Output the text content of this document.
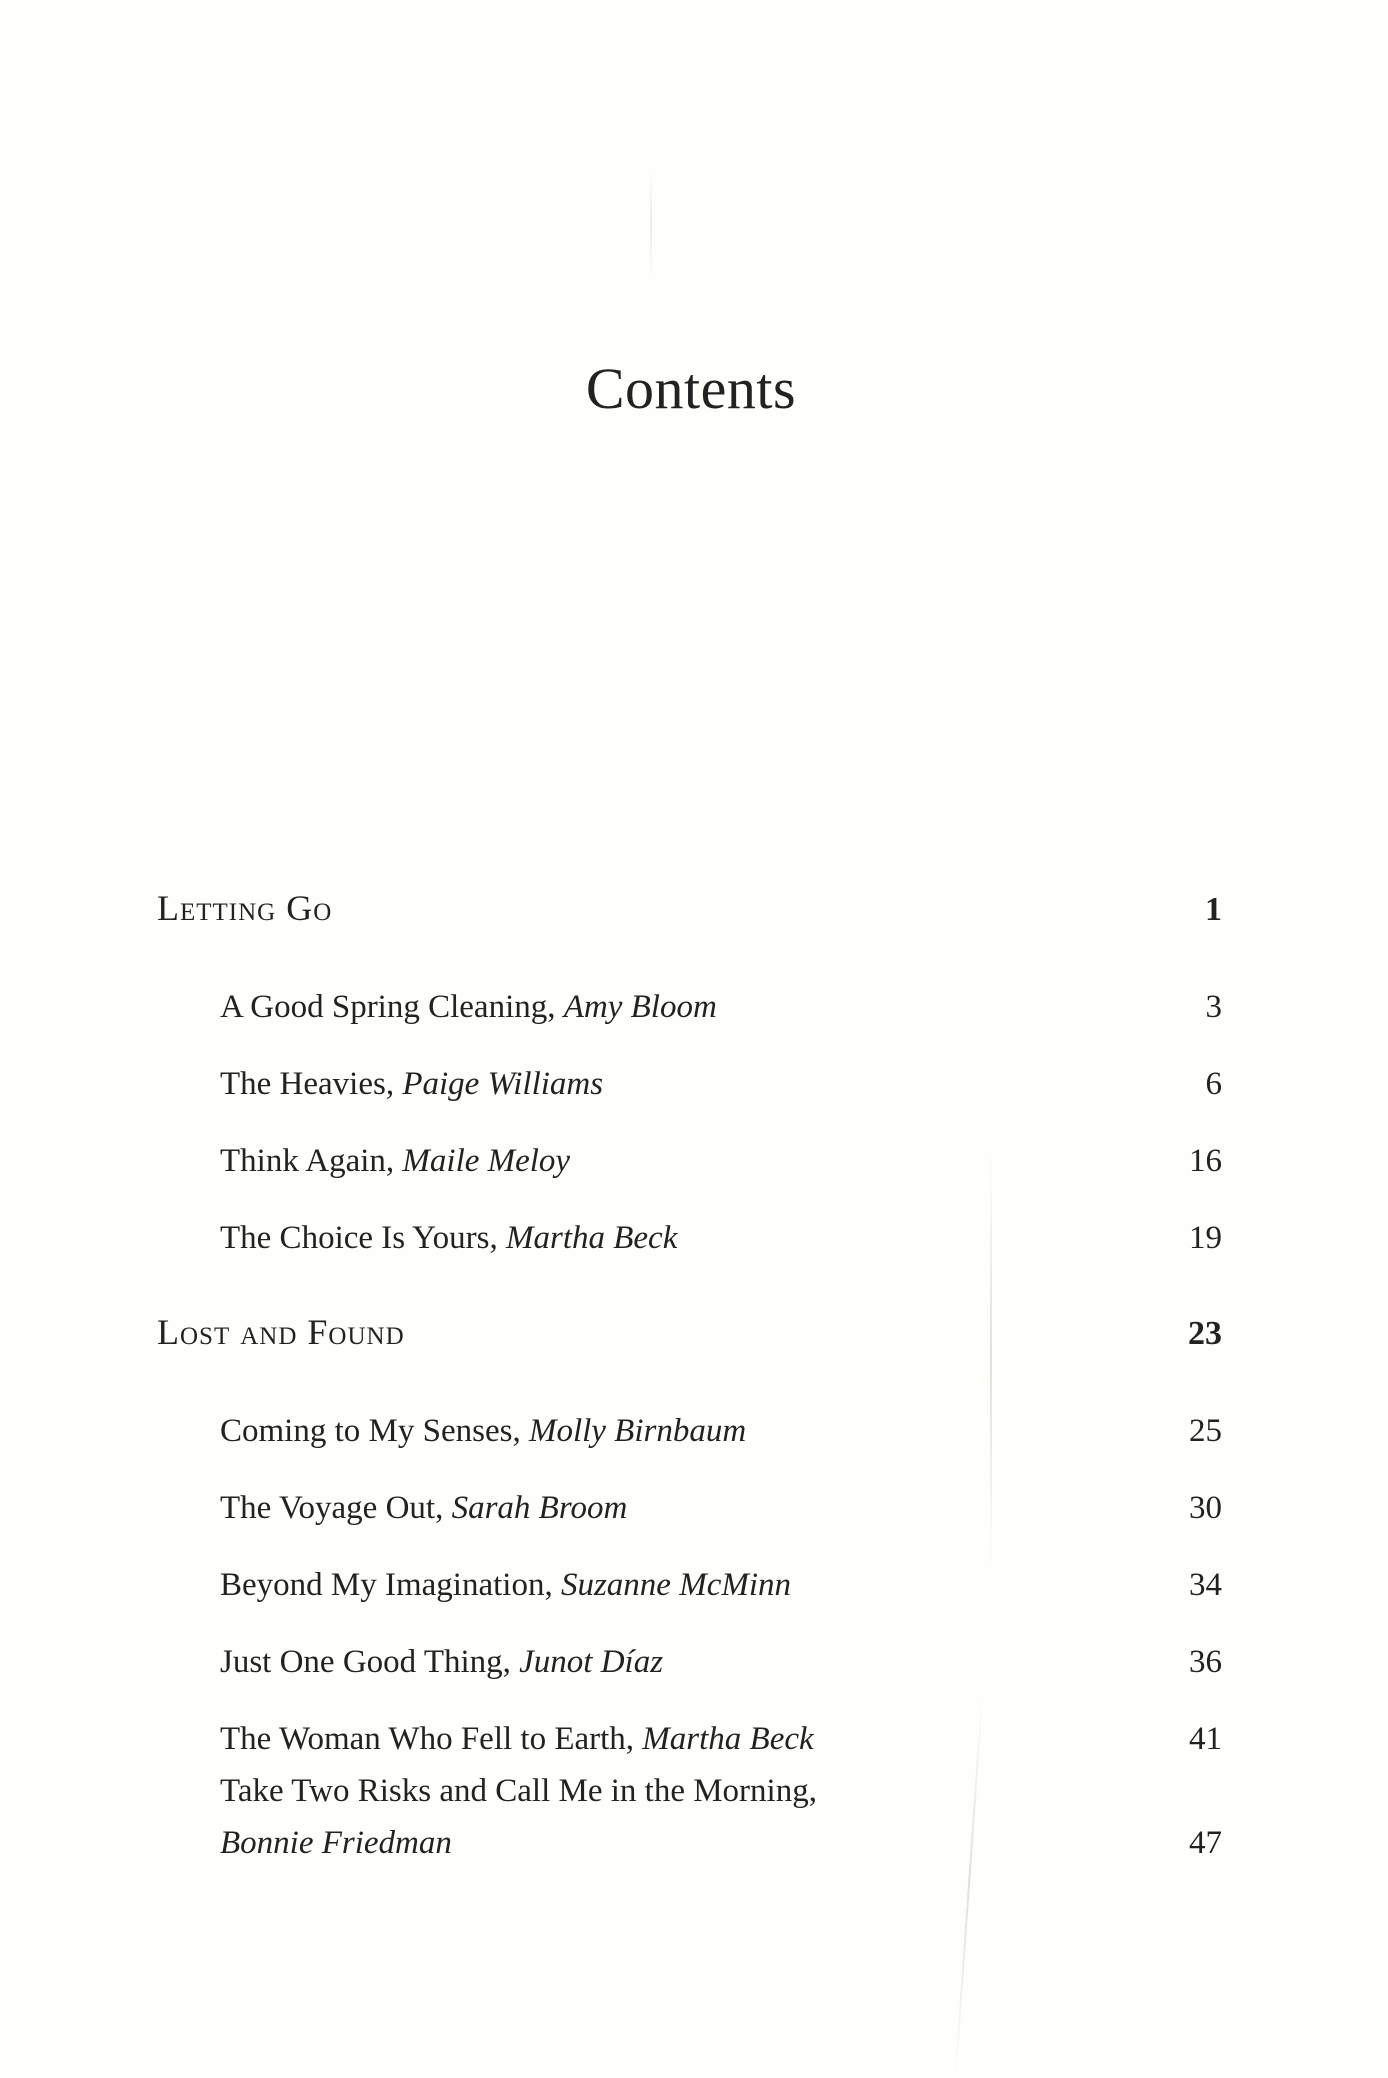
Contents
Letting Go	1
A Good Spring Cleaning, Amy Bloom	3
The Heavies, Paige Williams	6
Think Again, Maile Meloy	16
The Choice Is Yours, Martha Beck	19
Lost and Found	23
Coming to My Senses, Molly Birnbaum	25
The Voyage Out, Sarah Broom	30
Beyond My Imagination, Suzanne McMinn	34
Just One Good Thing, Junot Díaz	36
The Woman Who Fell to Earth, Martha Beck	41
Take Two Risks and Call Me in the Morning,
Bonnie Friedman	47
